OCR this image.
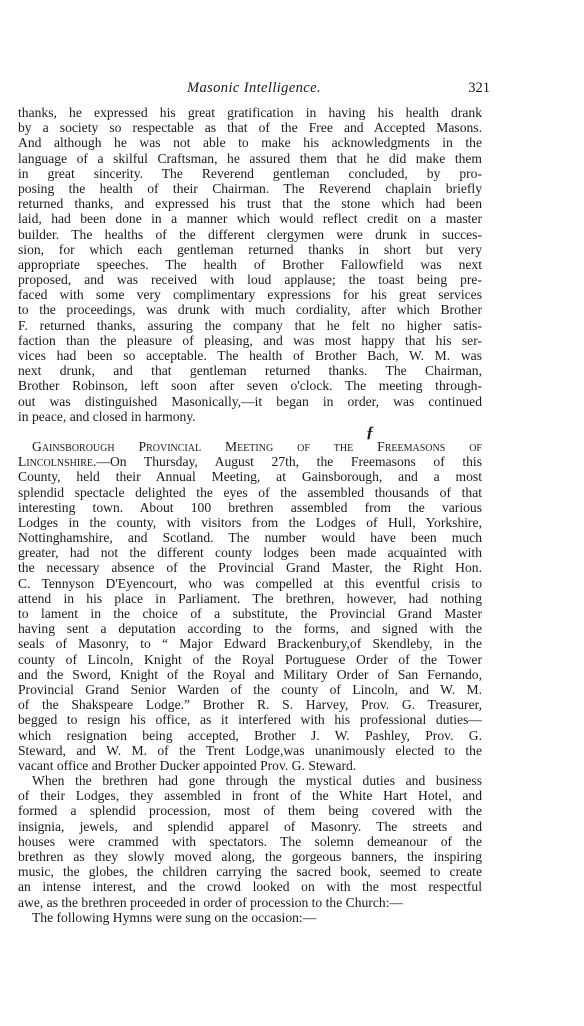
Masonic Intelligence.	321
thanks, he expressed his great gratification in having his health drank
by a society so respectable as that of the Free and Accepted Masons.
And although he was not able to make his acknowledgments in the
language of a skilful Craftsman, he assured them that he did make them
in great sincerity. The Reverend gentleman concluded, by pro-
posing the health of their Chairman. The Reverend chaplain briefly
returned thanks, and expressed his trust that the stone which had been
laid, had been done in a manner which would reflect credit on a master
builder. The healths of the different clergymen were drunk in succes-
sion, for which each gentleman returned thanks in short but very
appropriate speeches. The health of Brother Fallowfield was next
proposed, and was received with loud applause; the toast being pre-
faced with some very complimentary expressions for his great services
to the proceedings, was drunk with much cordiality, after which Brother
F. returned thanks, assuring the company that he felt no higher satis-
faction than the pleasure of pleasing, and was most happy that his ser-
vices had been so acceptable. The health of Brother Bach, W. M. was
next drunk, and that gentleman returned thanks. The Chairman,
Brother Robinson, left soon after seven o'clock. The meeting through-
out was distinguished Masonically,—it began in order, was continued
in peace, and closed in harmony.
Gainsborough Provincial Meeting of the Freemasons of
Lincolnshire.—On Thursday, August 27th, the Freemasons of this
County, held their Annual Meeting, at Gainsborough, and a most
splendid spectacle delighted the eyes of the assembled thousands of that
interesting town. About 100 brethren assembled from the various
Lodges in the county, with visitors from the Lodges of Hull, Yorkshire,
Nottinghamshire, and Scotland. The number would have been much
greater, had not the different county lodges been made acquainted with
the necessary absence of the Provincial Grand Master, the Right Hon.
C. Tennyson D'Eyencourt, who was compelled at this eventful crisis to
attend in his place in Parliament. The brethren, however, had nothing
to lament in the choice of a substitute, the Provincial Grand Master
having sent a deputation according to the forms, and signed with the
seals of Masonry, to “ Major Edward Brackenbury,of Skendleby, in the
county of Lincoln, Knight of the Royal Portuguese Order of the Tower
and the Sword, Knight of the Royal and Military Order of San Fernando,
Provincial Grand Senior Warden of the county of Lincoln, and W. M.
of the Shakspeare Lodge.” Brother R. S. Harvey, Prov. G. Treasurer,
begged to resign his office, as it interfered with his professional duties—
which resignation being accepted, Brother J. W. Pashley, Prov. G.
Steward, and W. M. of the Trent Lodge,was unanimously elected to the
vacant office and Brother Ducker appointed Prov. G. Steward.
When the brethren had gone through the mystical duties and business
of their Lodges, they assembled in front of the White Hart Hotel, and
formed a splendid procession, most of them being covered with the
insignia, jewels, and splendid apparel of Masonry. The streets and
houses were crammed with spectators. The solemn demeanour of the
brethren as they slowly moved along, the gorgeous banners, the inspiring
music, the globes, the children carrying the sacred book, seemed to create
an intense interest, and the crowd looked on with the most respectful
awe, as the brethren proceeded in order of procession to the Church:—
The following Hymns were sung on the occasion:—
ƒ
